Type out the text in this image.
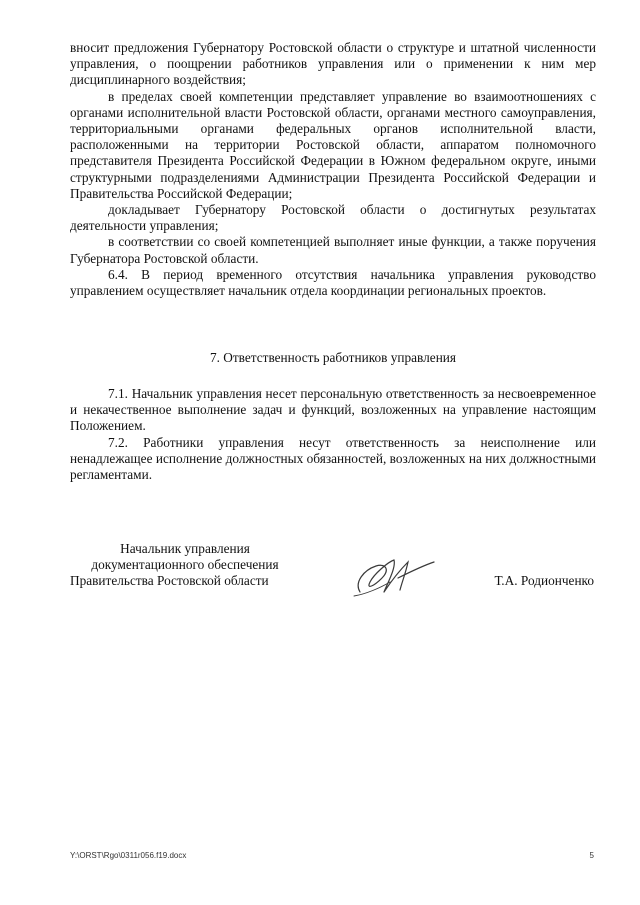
вносит предложения Губернатору Ростовской области о структуре и штатной численности управления, о поощрении работников управления или о применении к ним мер дисциплинарного воздействия;

в пределах своей компетенции представляет управление во взаимоотношениях с органами исполнительной власти Ростовской области, органами местного самоуправления, территориальными органами федеральных органов исполнительной власти, расположенными на территории Ростовской области, аппаратом полномочного представителя Президента Российской Федерации в Южном федеральном округе, иными структурными подразделениями Администрации Президента Российской Федерации и Правительства Российской Федерации;

докладывает Губернатору Ростовской области о достигнутых результатах деятельности управления;

в соответствии со своей компетенцией выполняет иные функции, а также поручения Губернатора Ростовской области.

6.4. В период временного отсутствия начальника управления руководство управлением осуществляет начальник отдела координации региональных проектов.

7. Ответственность работников управления

7.1. Начальник управления несет персональную ответственность за несвоевременное и некачественное выполнение задач и функций, возложенных на управление настоящим Положением.

7.2. Работники управления несут ответственность за неисполнение или ненадлежащее исполнение должностных обязанностей, возложенных на них должностными регламентами.

Начальник управления
документационного обеспечения
Правительства Ростовской области	Т.А. Родионченко
Y:\ORST\Rgo\0311r056.f19.docx	5
